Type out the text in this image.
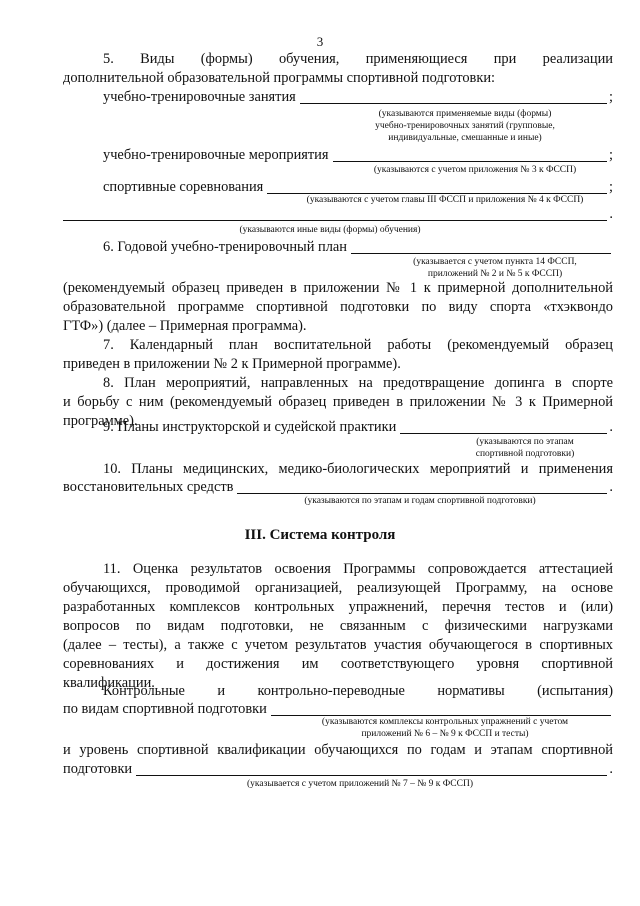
3

5. Виды (формы) обучения, применяющиеся при реализации

дополнительной образовательной программы спортивной подготовки:

учебно-тренировочные занятия	;
(указываются применяемые виды (формы)
учебно-тренировочных занятий (групповые,
индивидуальные, смешанные и иные)
учебно-тренировочные мероприятия	;
(указываются с учетом приложения № 3 к ФССП)
спортивные соревнования	;
(указываются с учетом главы III ФССП и приложения № 4 к ФССП)
.
(указываются иные виды (формы) обучения)
6. Годовой учебно-тренировочный план
(указывается с учетом пункта 14 ФССП,
приложений № 2 и № 5 к ФССП)

(рекомендуемый образец приведен в приложении № 1 к примерной дополнительной

образовательной программе спортивной подготовки по виду спорта «тхэквондо

ГТФ») (далее – Примерная программа).

7. Календарный план воспитательной работы (рекомендуемый образец

приведен в приложении № 2 к Примерной программе).

8. План мероприятий, направленных на предотвращение допинга в спорте

и борьбу с ним (рекомендуемый образец приведен в приложении № 3 к Примерной

программе).

9. Планы инструкторской и судейской практики	.
(указываются по этапам
спортивной подготовки)

10. Планы медицинских, медико-биологических мероприятий и применения

восстановительных средств	.
(указываются по этапам и годам спортивной подготовки)
III. Система контроля

11. Оценка результатов освоения Программы сопровождается аттестацией

обучающихся, проводимой организацией, реализующей Программу, на основе

разработанных комплексов контрольных упражнений, перечня тестов и (или)

вопросов по видам подготовки, не связанным с физическими нагрузками

(далее – тесты), а также с учетом результатов участия обучающегося в спортивных

соревнованиях и достижения им соответствующего уровня спортивной

квалификации.

Контрольные и контрольно-переводные нормативы (испытания)

по видам спортивной подготовки
(указываются комплексы контрольных упражнений с учетом
приложений № 6 – № 9 к ФССП и тесты)

и уровень спортивной квалификации обучающихся по годам и этапам спортивной

подготовки	.
(указывается с учетом приложений № 7 – № 9 к ФССП)
